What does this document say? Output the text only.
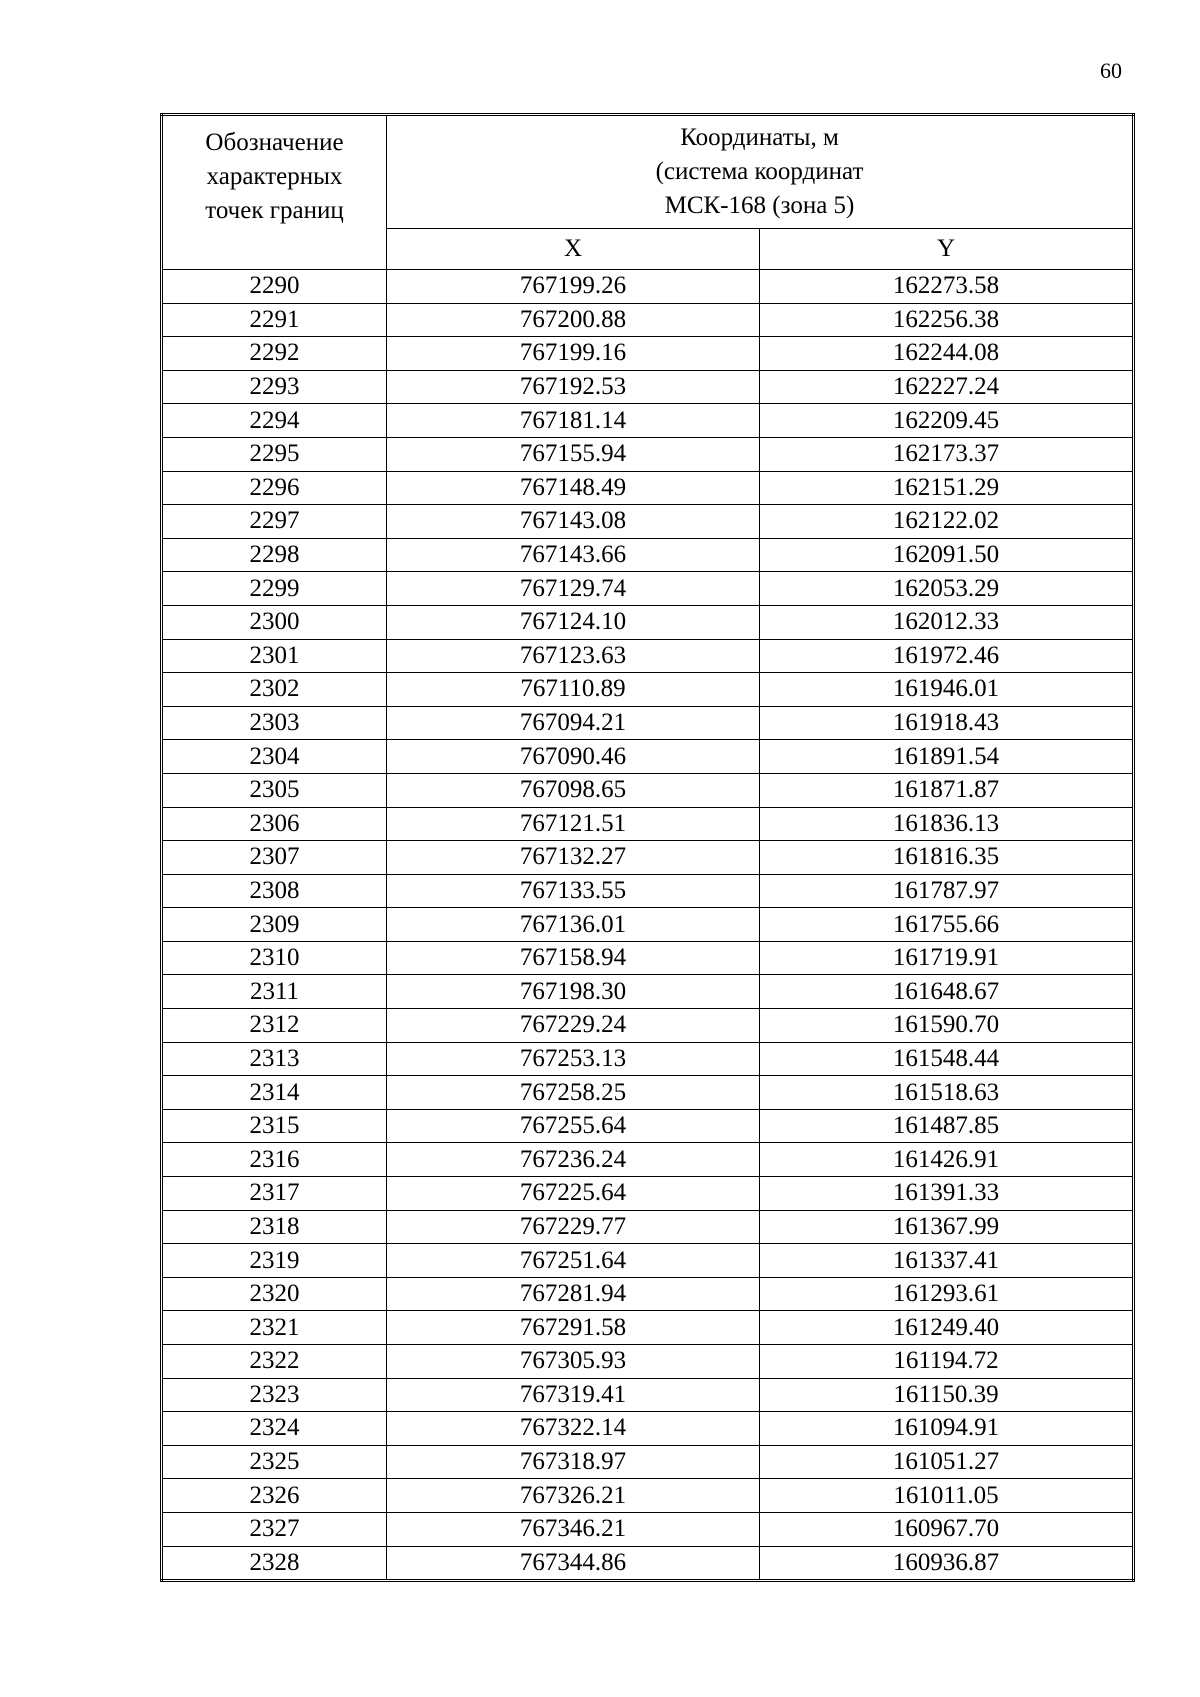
60
Обозначение
характерных
точек границ	Координаты, м
(система координат
МСК-168 (зона 5)	

	X	Y
2290	767199.26	162273.58
2291	767200.88	162256.38
2292	767199.16	162244.08
2293	767192.53	162227.24
2294	767181.14	162209.45
2295	767155.94	162173.37
2296	767148.49	162151.29
2297	767143.08	162122.02
2298	767143.66	162091.50
2299	767129.74	162053.29
2300	767124.10	162012.33
2301	767123.63	161972.46
2302	767110.89	161946.01
2303	767094.21	161918.43
2304	767090.46	161891.54
2305	767098.65	161871.87
2306	767121.51	161836.13
2307	767132.27	161816.35
2308	767133.55	161787.97
2309	767136.01	161755.66
2310	767158.94	161719.91
2311	767198.30	161648.67
2312	767229.24	161590.70
2313	767253.13	161548.44
2314	767258.25	161518.63
2315	767255.64	161487.85
2316	767236.24	161426.91
2317	767225.64	161391.33
2318	767229.77	161367.99
2319	767251.64	161337.41
2320	767281.94	161293.61
2321	767291.58	161249.40
2322	767305.93	161194.72
2323	767319.41	161150.39
2324	767322.14	161094.91
2325	767318.97	161051.27
2326	767326.21	161011.05
2327	767346.21	160967.70
2328	767344.86	160936.87
